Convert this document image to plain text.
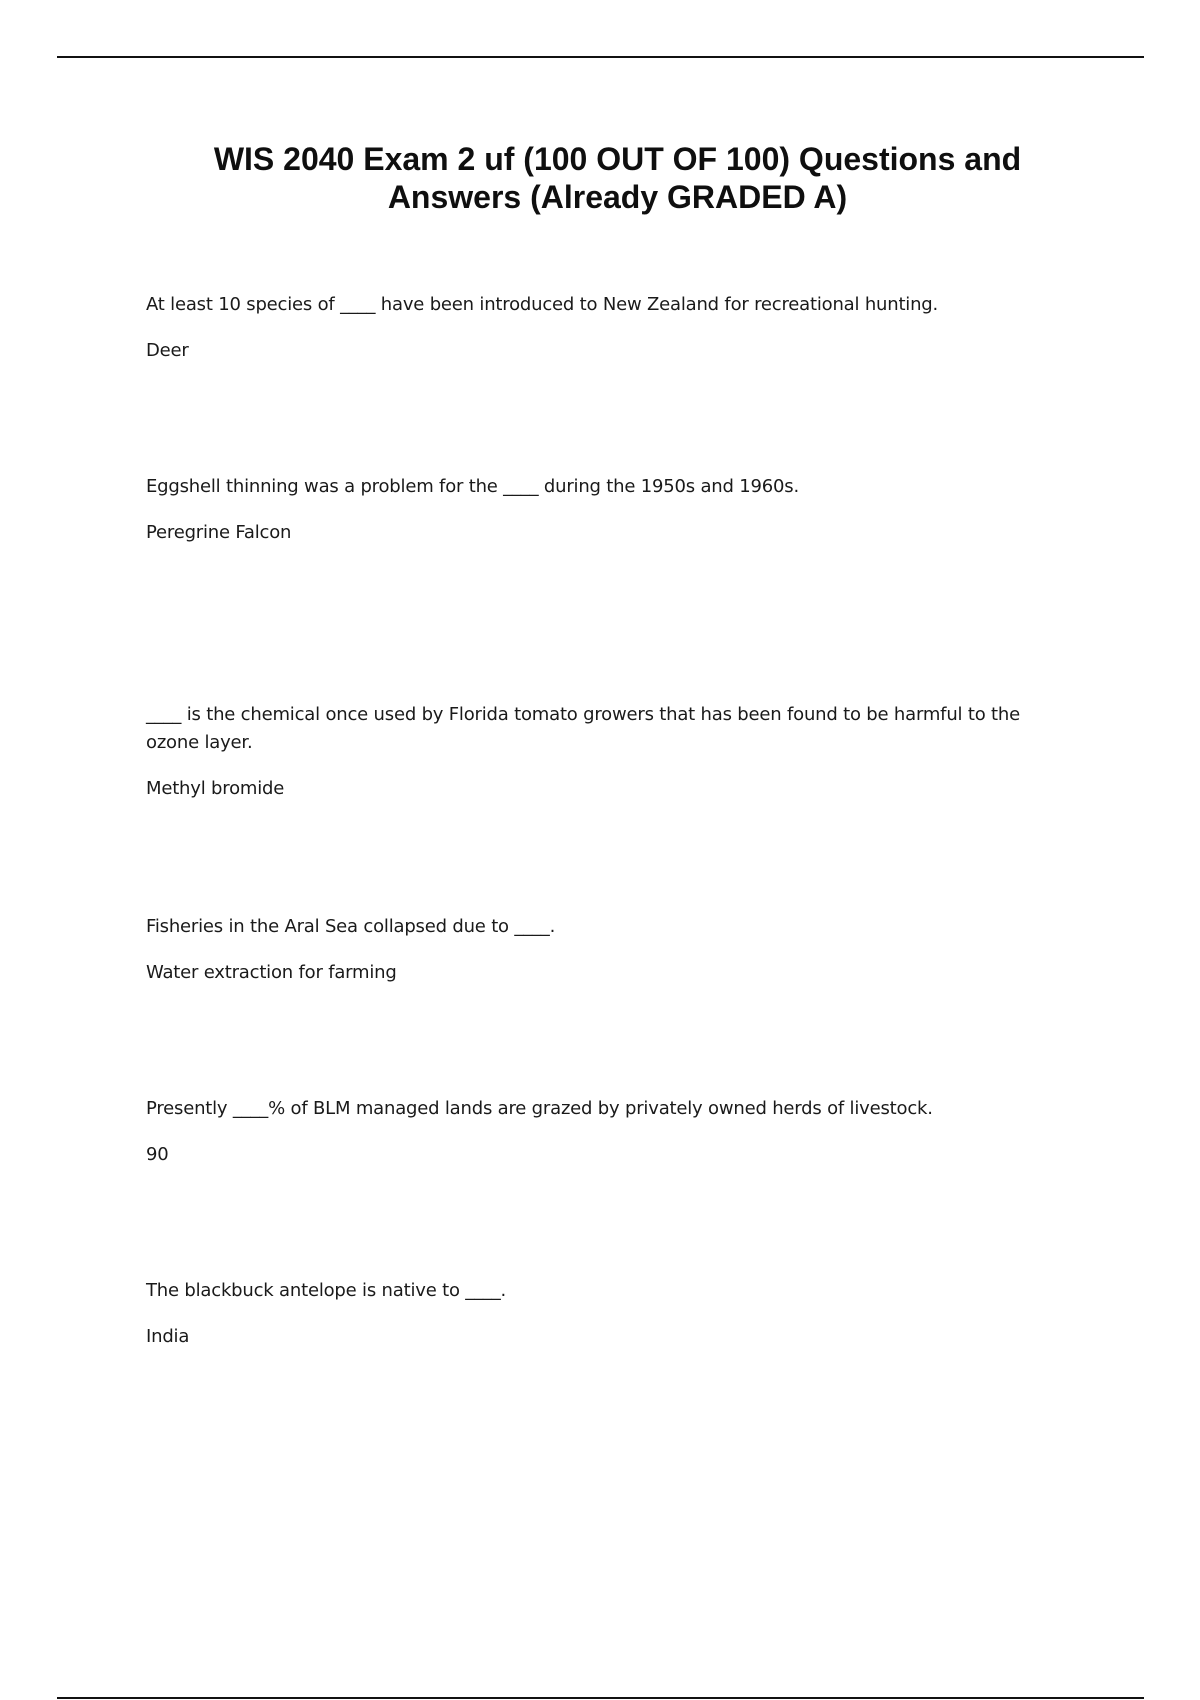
WIS 2040 Exam 2 uf (100 OUT OF 100) Questions and Answers (Already GRADED A)

At least 10 species of ____ have been introduced to New Zealand for recreational hunting.

Deer

Eggshell thinning was a problem for the ____ during the 1950s and 1960s.

Peregrine Falcon

____ is the chemical once used by Florida tomato growers that has been found to be harmful to the ozone layer.

Methyl bromide

Fisheries in the Aral Sea collapsed due to ____.

Water extraction for farming

Presently ____% of BLM managed lands are grazed by privately owned herds of livestock.

90

The blackbuck antelope is native to ____.

India
